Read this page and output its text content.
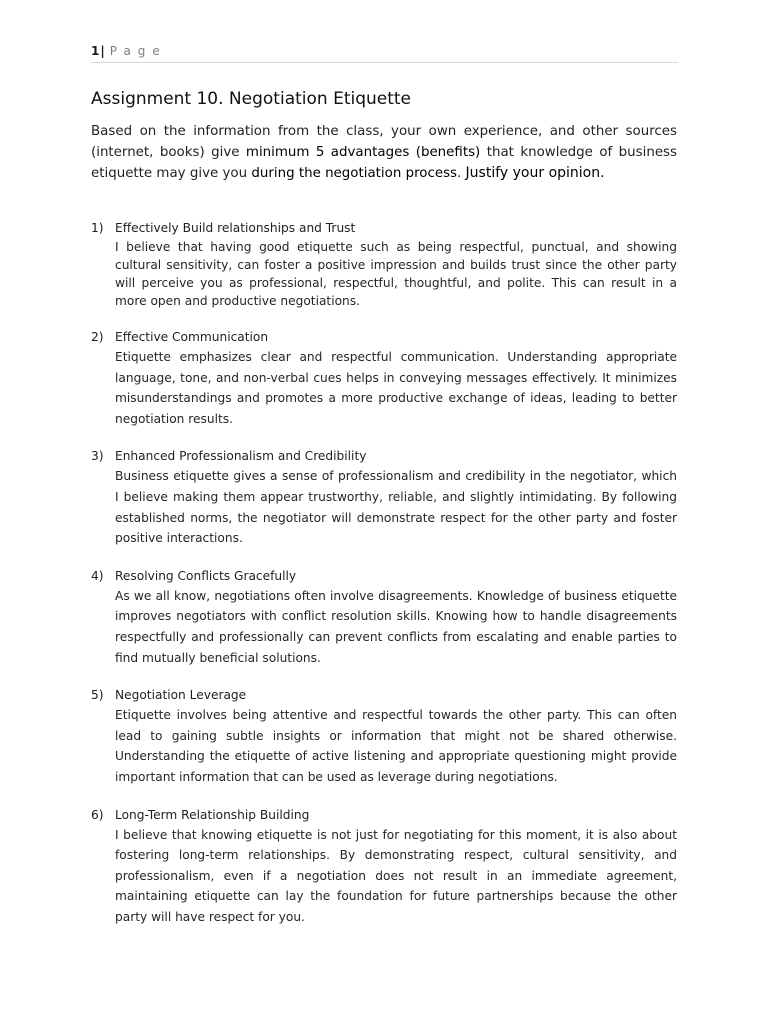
1| Page
Assignment 10. Negotiation Etiquette

Based on the information from the class, your own experience, and other sources (internet, books) give minimum 5 advantages (benefits) that knowledge of business etiquette may give you during the negotiation process. Justify your opinion.

1) Effectively Build relationships and Trust
I believe that having good etiquette such as being respectful, punctual, and showing cultural sensitivity, can foster a positive impression and builds trust since the other party will perceive you as professional, respectful, thoughtful, and polite. This can result in a more open and productive negotiations.
2) Effective Communication
Etiquette emphasizes clear and respectful communication. Understanding appropriate language, tone, and non-verbal cues helps in conveying messages effectively. It minimizes misunderstandings and promotes a more productive exchange of ideas, leading to better negotiation results.
3) Enhanced Professionalism and Credibility
Business etiquette gives a sense of professionalism and credibility in the negotiator, which I believe making them appear trustworthy, reliable, and slightly intimidating. By following established norms, the negotiator will demonstrate respect for the other party and foster positive interactions.
4) Resolving Conflicts Gracefully
As we all know, negotiations often involve disagreements. Knowledge of business etiquette improves negotiators with conflict resolution skills. Knowing how to handle disagreements respectfully and professionally can prevent conflicts from escalating and enable parties to find mutually beneficial solutions.
5) Negotiation Leverage
Etiquette involves being attentive and respectful towards the other party. This can often lead to gaining subtle insights or information that might not be shared otherwise. Understanding the etiquette of active listening and appropriate questioning might provide important information that can be used as leverage during negotiations.
6) Long-Term Relationship Building
I believe that knowing etiquette is not just for negotiating for this moment, it is also about fostering long-term relationships. By demonstrating respect, cultural sensitivity, and professionalism, even if a negotiation does not result in an immediate agreement, maintaining etiquette can lay the foundation for future partnerships because the other party will have respect for you.
